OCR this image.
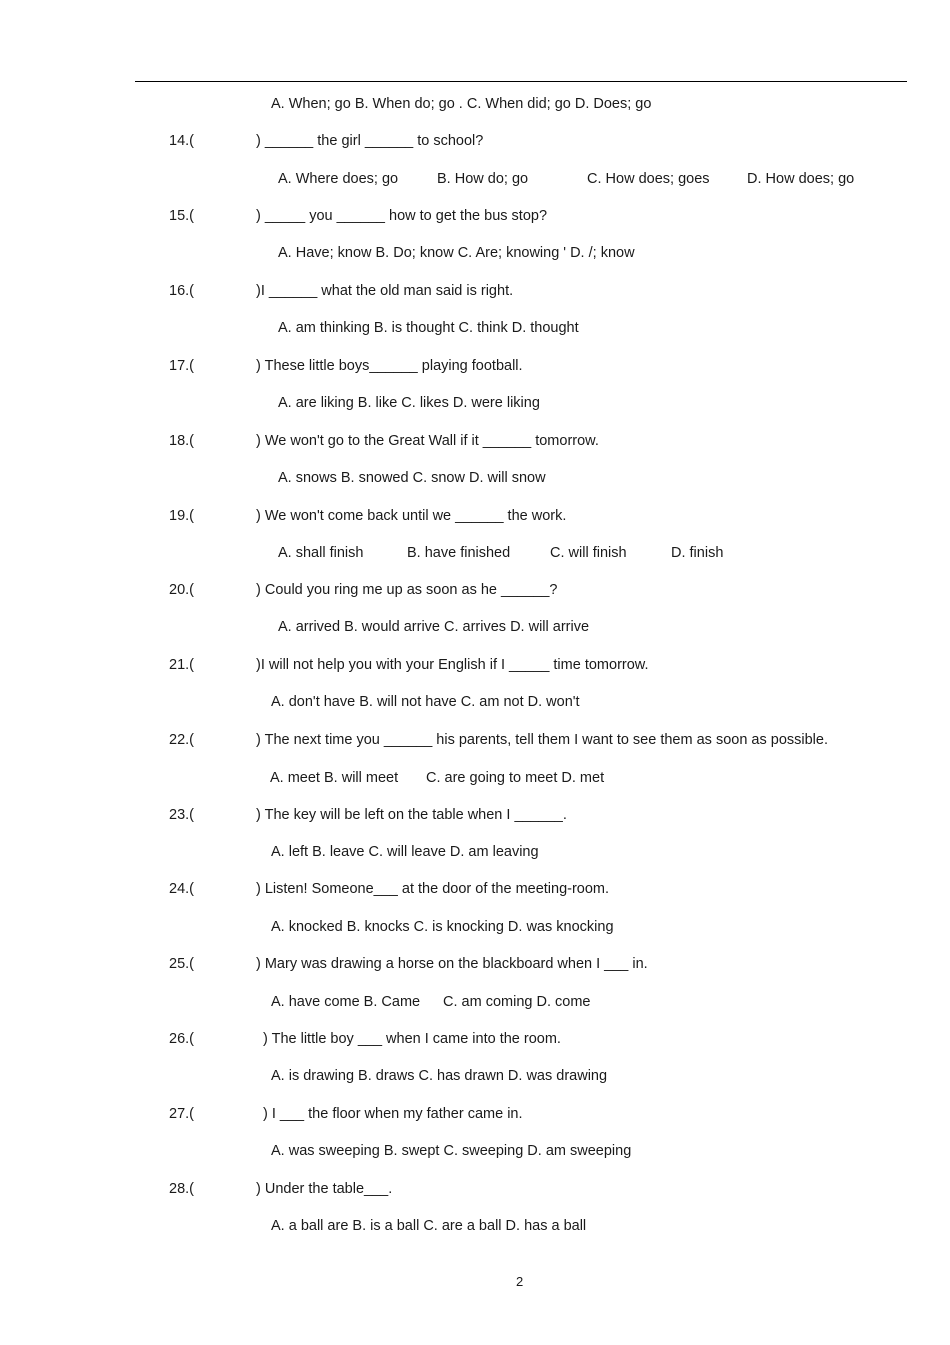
A. When; go B. When do; go . C. When did; go D. Does; go
14.(	) ______ the girl ______ to school?
A. Where does; go	B. How do; go	C. How does; goes	D. How does; go
15.(	) _____ you ______ how to get the bus stop?
A. Have; know B. Do; know C. Are; knowing ' D. /; know
16.(	)I ______ what the old man said is right.
A. am thinking B. is thought C. think D. thought
17.(	) These little boys______ playing football.
A. are liking B. like C. likes D. were liking
18.(	) We won't go to the Great Wall if it ______ tomorrow.
A. snows B. snowed C. snow D. will snow
19.(	) We won't come back until we ______ the work.
A. shall finish	B. have finished	C. will finish	D. finish
20.(	) Could you ring me up as soon as he ______?
A. arrived B. would arrive C. arrives D. will arrive
21.(	)I will not help you with your English if I _____ time tomorrow.
A. don't have B. will not have C. am not D. won't
22.(	) The next time you ______ his parents, tell them I want to see them as soon as possible.
A. meet B. will meet C. are going to meet D. met
23.(	) The key will be left on the table when I ______.
A. left B. leave C. will leave D. am leaving
24.(	) Listen! Someone___ at the door of the meeting-room.
A. knocked B. knocks C. is knocking D. was knocking
25.(	) Mary was drawing a horse on the blackboard when I ___ in.
A. have come B. Came C. am coming D. come
26.(	) The little boy ___ when I came into the room.
A. is drawing B. draws C. has drawn D. was drawing
27.(	) I ___ the floor when my father came in.
A. was sweeping B. swept C. sweeping D. am sweeping
28.(	) Under the table___.
A. a ball are B. is a ball C. are a ball D. has a ball
2
